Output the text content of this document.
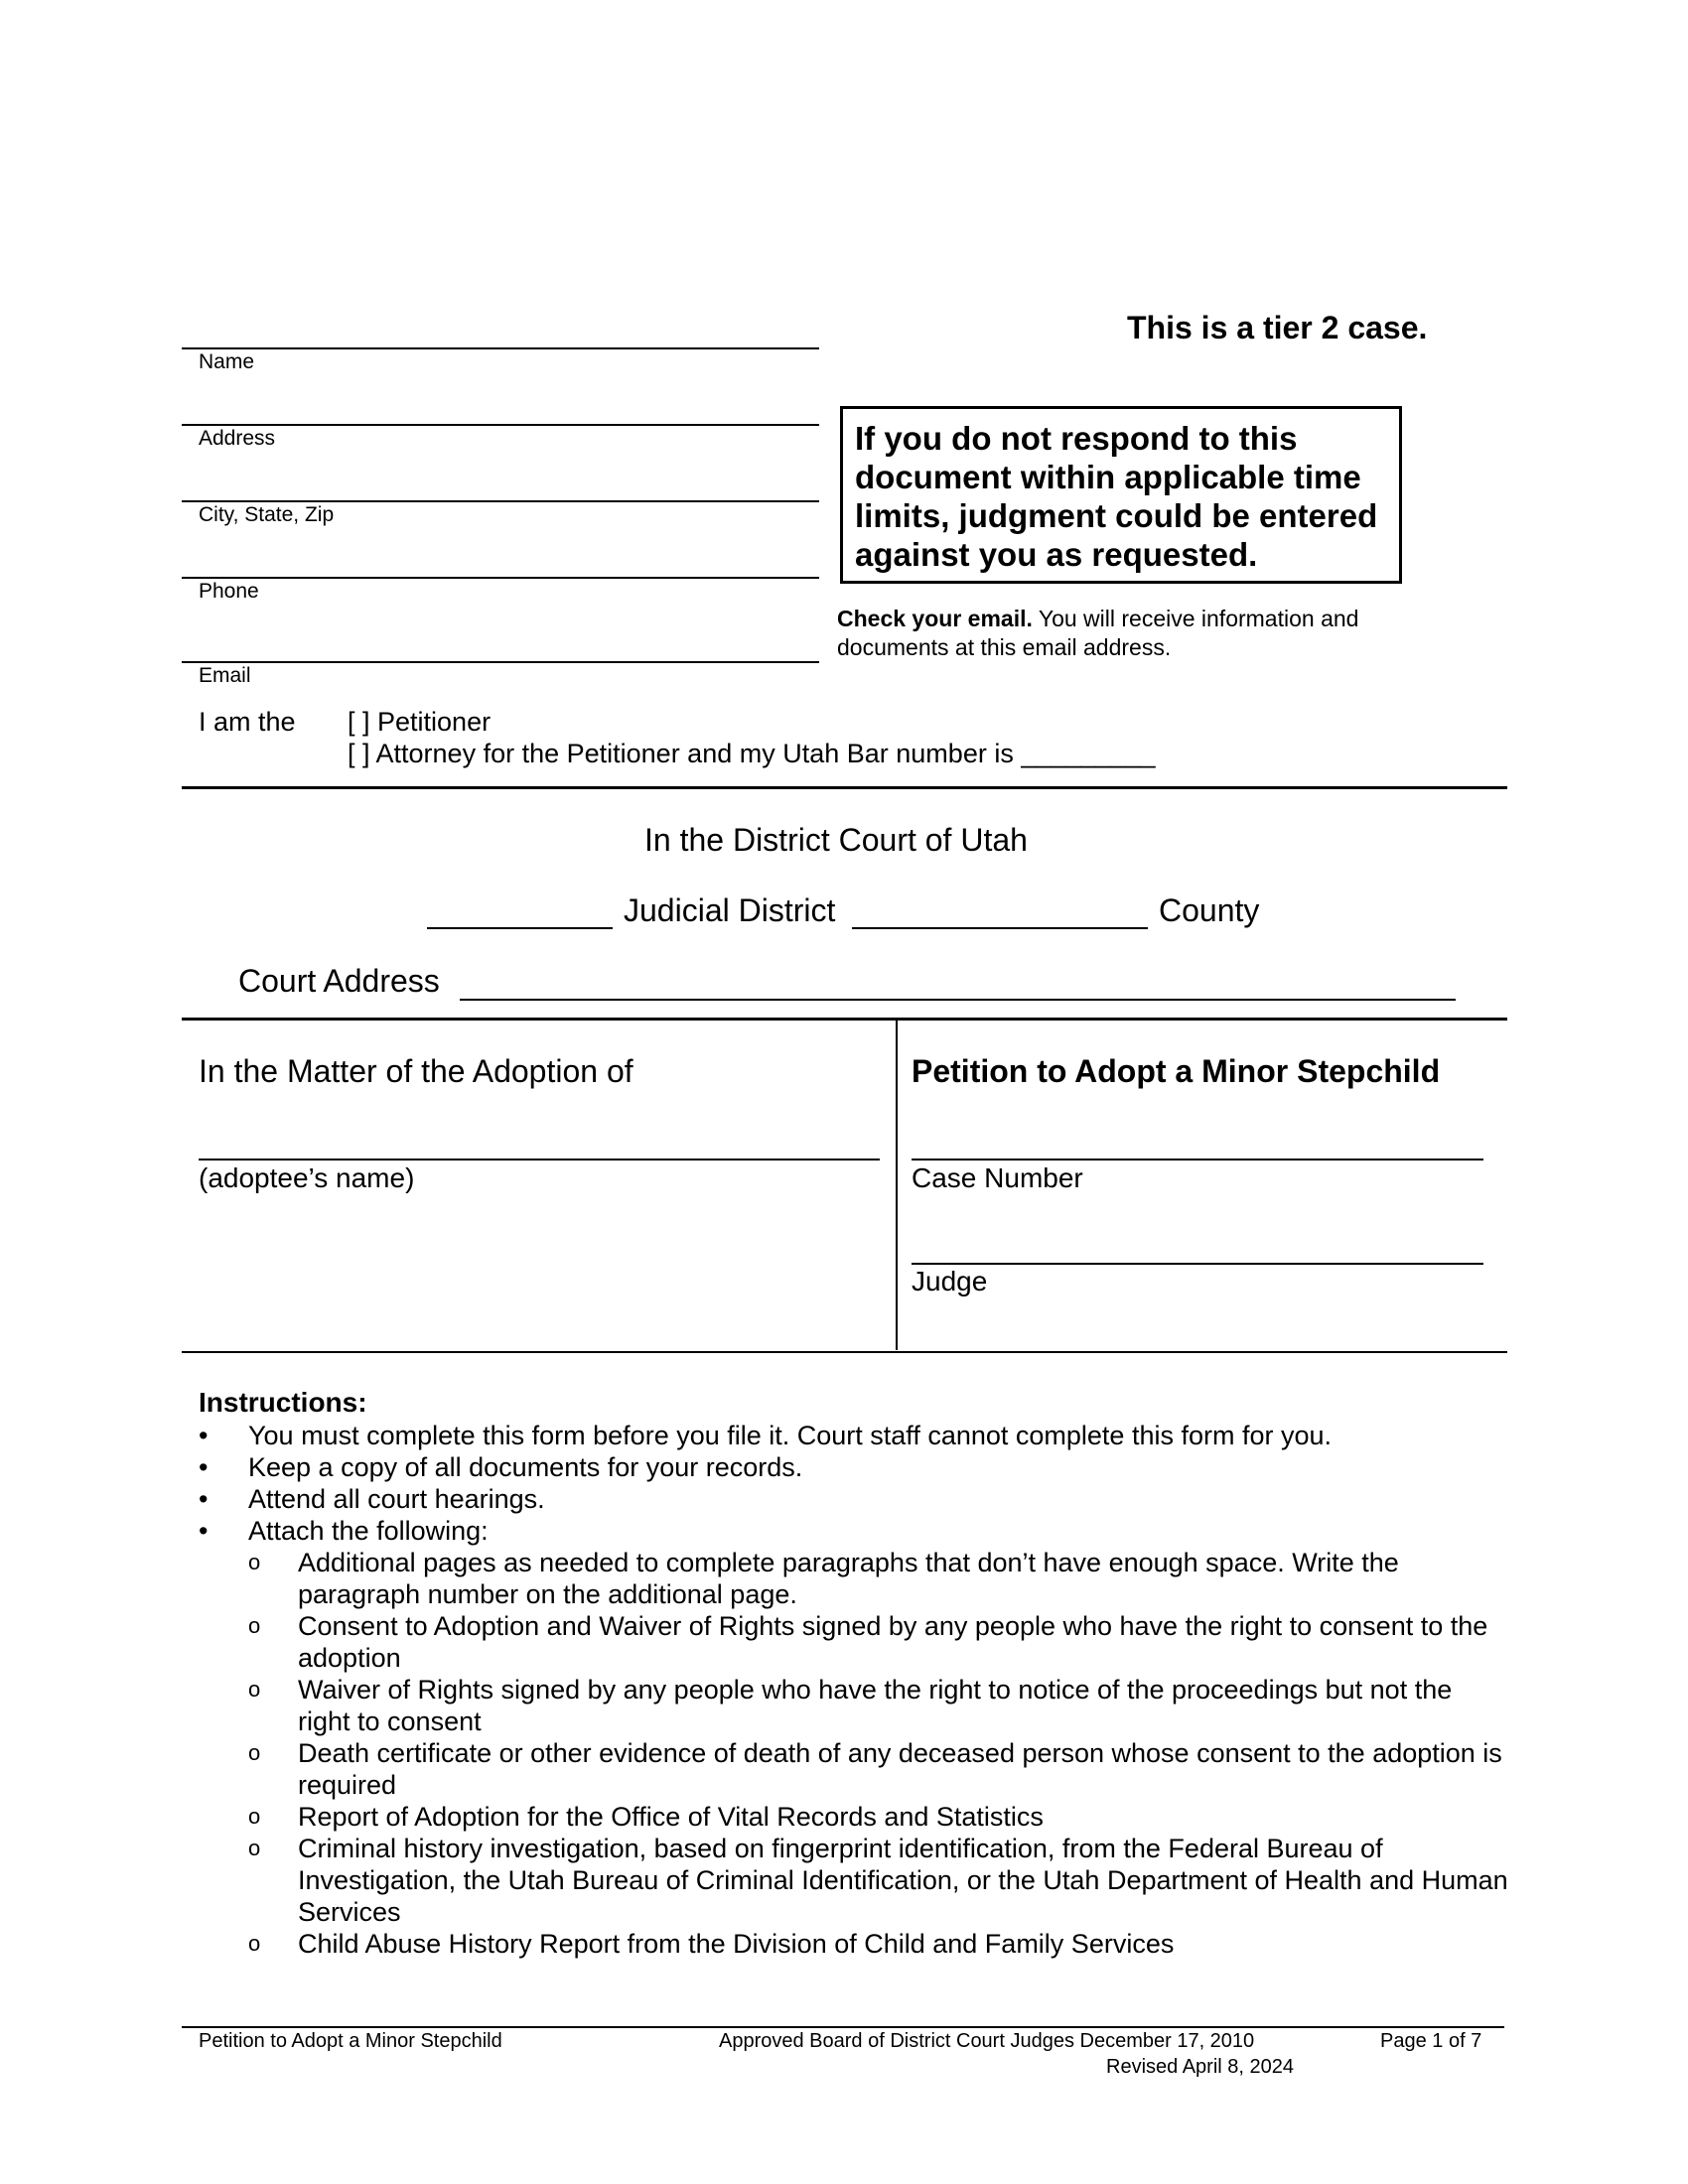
This is a tier 2 case.
Name
Address
City, State, Zip
Phone
Email
If you do not respond to this document within applicable time limits, judgment could be entered against you as requested.
Check your email. You will receive information and documents at this email address.
I am the [ ] Petitioner
[ ] Attorney for the Petitioner and my Utah Bar number is _________
In the District Court of Utah
Judicial District	County
Court Address
In the Matter of the Adoption of
(adoptee’s name)
Petition to Adopt a Minor Stepchild
Case Number
Judge
Instructions:
•	You must complete this form before you file it. Court staff cannot complete this form for you.
•	Keep a copy of all documents for your records.
•	Attend all court hearings.
•	Attach the following:
o	Additional pages as needed to complete paragraphs that don’t have enough space. Write the paragraph number on the additional page.
o	Consent to Adoption and Waiver of Rights signed by any people who have the right to consent to the adoption
o	Waiver of Rights signed by any people who have the right to notice of the proceedings but not the right to consent
o	Death certificate or other evidence of death of any deceased person whose consent to the adoption is required
o	Report of Adoption for the Office of Vital Records and Statistics
o	Criminal history investigation, based on fingerprint identification, from the Federal Bureau of Investigation, the Utah Bureau of Criminal Identification, or the Utah Department of Health and Human Services
o	Child Abuse History Report from the Division of Child and Family Services
Petition to Adopt a Minor Stepchild	Approved Board of District Court Judges December 17, 2010
Revised April 8, 2024
Page 1 of 7
